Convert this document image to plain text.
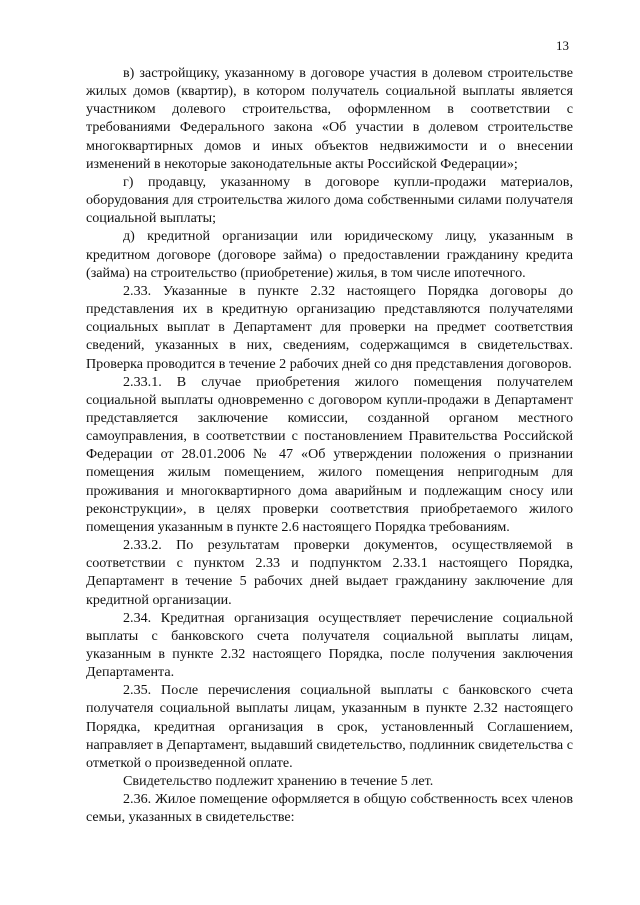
13

в) застройщику, указанному в договоре участия в долевом строительстве жилых домов (квартир), в котором получатель социальной выплаты является участником долевого строительства, оформленном в соответствии с требованиями Федерального закона «Об участии в долевом строительстве многоквартирных домов и иных объектов недвижимости и о внесении изменений в некоторые законодательные акты Российской Федерации»;

г) продавцу, указанному в договоре купли-продажи материалов, оборудования для строительства жилого дома собственными силами получателя социальной выплаты;

д) кредитной организации или юридическому лицу, указанным в кредитном договоре (договоре займа) о предоставлении гражданину кредита (займа) на строительство (приобретение) жилья, в том числе ипотечного.

2.33. Указанные в пункте 2.32 настоящего Порядка договоры до представления их в кредитную организацию представляются получателями социальных выплат в Департамент для проверки на предмет соответствия сведений, указанных в них, сведениям, содержащимся в свидетельствах. Проверка проводится в течение 2 рабочих дней со дня представления договоров.

2.33.1. В случае приобретения жилого помещения получателем социальной выплаты одновременно с договором купли-продажи в Департамент представляется заключение комиссии, созданной органом местного самоуправления, в соответствии с постановлением Правительства Российской Федерации от 28.01.2006 № 47 «Об утверждении положения о признании помещения жилым помещением, жилого помещения непригодным для проживания и многоквартирного дома аварийным и подлежащим сносу или реконструкции», в целях проверки соответствия приобретаемого жилого помещения указанным в пункте 2.6 настоящего Порядка требованиям.

2.33.2. По результатам проверки документов, осуществляемой в соответствии с пунктом 2.33 и подпунктом 2.33.1 настоящего Порядка, Департамент в течение 5 рабочих дней выдает гражданину заключение для кредитной организации.

2.34. Кредитная организация осуществляет перечисление социальной выплаты с банковского счета получателя социальной выплаты лицам, указанным в пункте 2.32 настоящего Порядка, после получения заключения Департамента.

2.35. После перечисления социальной выплаты с банковского счета получателя социальной выплаты лицам, указанным в пункте 2.32 настоящего Порядка, кредитная организация в срок, установленный Соглашением, направляет в Департамент, выдавший свидетельство, подлинник свидетельства с отметкой о произведенной оплате.

Свидетельство подлежит хранению в течение 5 лет.

2.36. Жилое помещение оформляется в общую собственность всех членов семьи, указанных в свидетельстве:
